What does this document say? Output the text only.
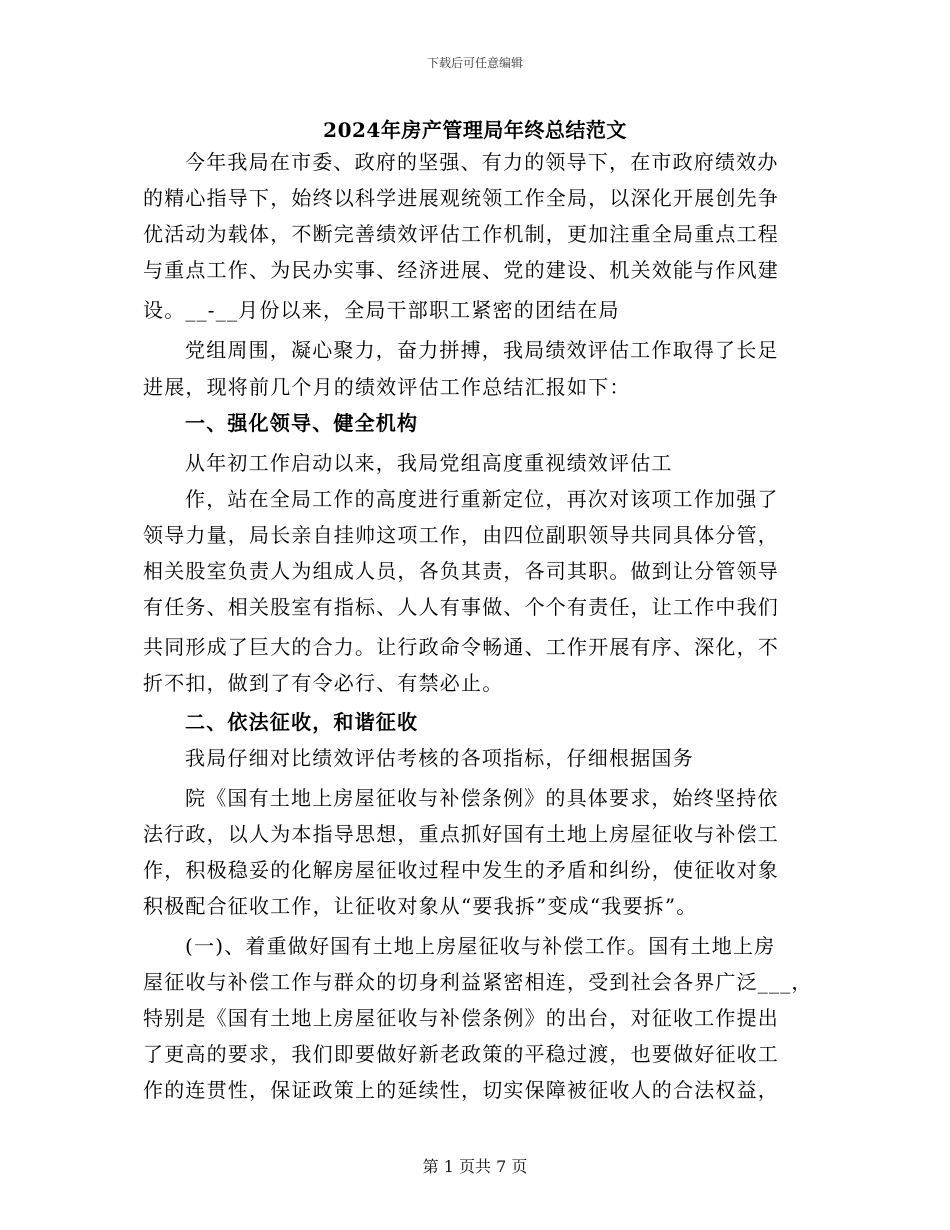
下载后可任意编辑
2024年房产管理局年终总结范文
今年我局在市委、政府的坚强、有力的领导下，在市政府绩效办
的精心指导下，始终以科学进展观统领工作全局，以深化开展创先争
优活动为载体，不断完善绩效评估工作机制，更加注重全局重点工程
与重点工作、为民办实事、经济进展、党的建设、机关效能与作风建
设。__-__月份以来，全局干部职工紧密的团结在局
党组周围，凝心聚力，奋力拼搏，我局绩效评估工作取得了长足
进展，现将前几个月的绩效评估工作总结汇报如下：
一、强化领导、健全机构
从年初工作启动以来，我局党组高度重视绩效评估工
作，站在全局工作的高度进行重新定位，再次对该项工作加强了
领导力量，局长亲自挂帅这项工作，由四位副职领导共同具体分管，
相关股室负责人为组成人员，各负其责，各司其职。做到让分管领导
有任务、相关股室有指标、人人有事做、个个有责任，让工作中我们
共同形成了巨大的合力。让行政命令畅通、工作开展有序、深化，不
折不扣，做到了有令必行、有禁必止。
二、依法征收，和谐征收
我局仔细对比绩效评估考核的各项指标，仔细根据国务
院《国有土地上房屋征收与补偿条例》的具体要求，始终坚持依
法行政，以人为本指导思想，重点抓好国有土地上房屋征收与补偿工
作，积极稳妥的化解房屋征收过程中发生的矛盾和纠纷，使征收对象
积极配合征收工作，让征收对象从“要我拆”变成“我要拆”。
(一)、着重做好国有土地上房屋征收与补偿工作。国有土地上房
屋征收与补偿工作与群众的切身利益紧密相连，受到社会各界广泛___，
特别是《国有土地上房屋征收与补偿条例》的出台，对征收工作提出
了更高的要求，我们即要做好新老政策的平稳过渡，也要做好征收工
作的连贯性，保证政策上的延续性，切实保障被征收人的合法权益，
第 1 页共 7 页
